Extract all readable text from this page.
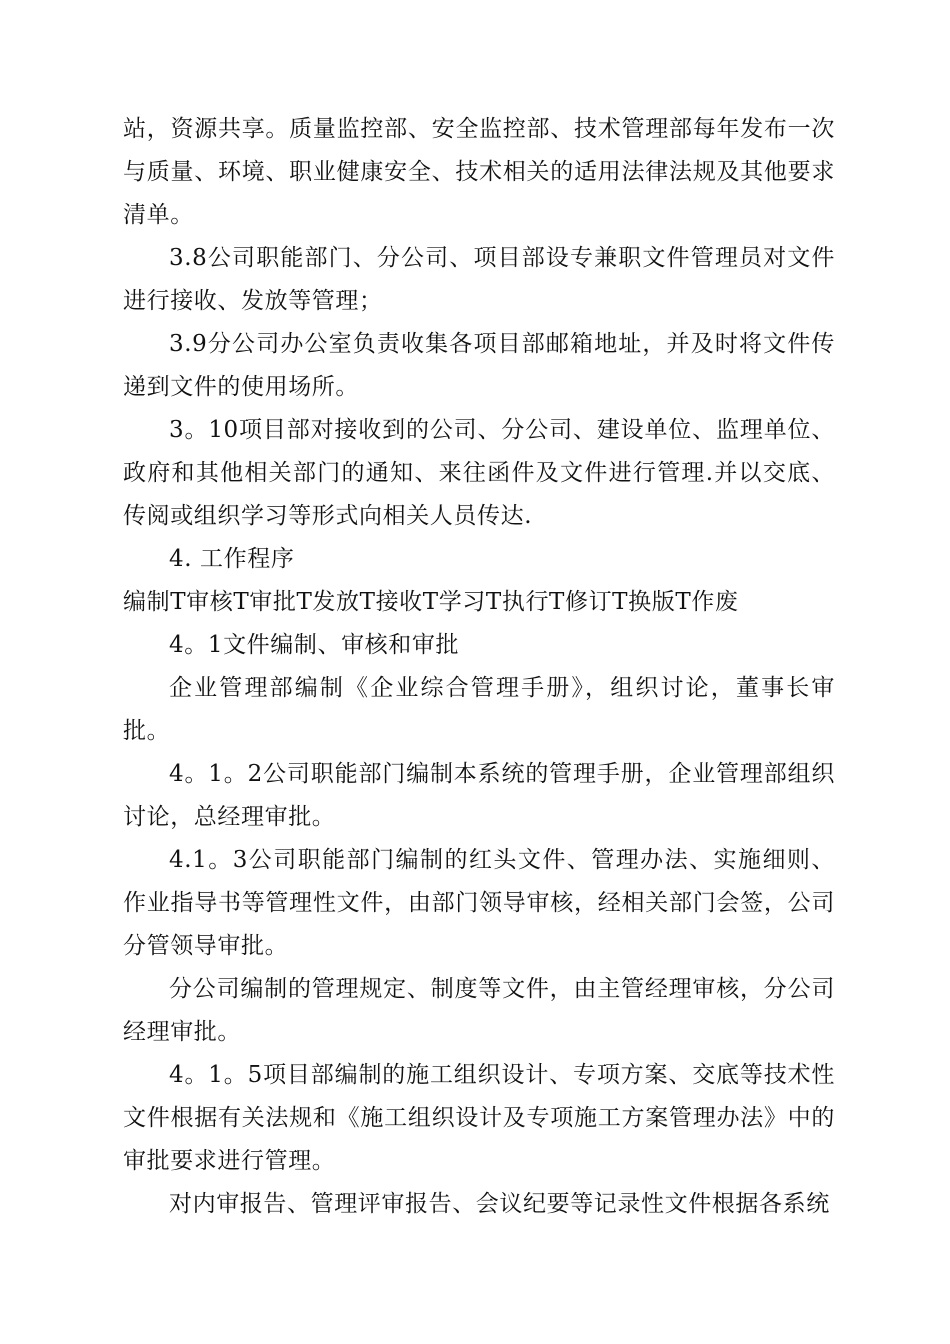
站，资源共享。质量监控部、安全监控部、技术管理部每年发布一次与质量、环境、职业健康安全、技术相关的适用法律法规及其他要求清单。

3.8公司职能部门、分公司、项目部设专兼职文件管理员对文件进行接收、发放等管理；

3.9分公司办公室负责收集各项目部邮箱地址，并及时将文件传递到文件的使用场所。

3。10项目部对接收到的公司、分公司、建设单位、监理单位、政府和其他相关部门的通知、来往函件及文件进行管理.并以交底、传阅或组织学习等形式向相关人员传达.

4. 工作程序

编制T审核T审批T发放T接收T学习T执行T修订T换版T作废

4。1文件编制、审核和审批

企业管理部编制《企业综合管理手册》，组织讨论，董事长审批。

4。1。2公司职能部门编制本系统的管理手册，企业管理部组织讨论，总经理审批。

4.1。3公司职能部门编制的红头文件、管理办法、实施细则、作业指导书等管理性文件，由部门领导审核，经相关部门会签，公司分管领导审批。

分公司编制的管理规定、制度等文件，由主管经理审核，分公司经理审批。

4。1。5项目部编制的施工组织设计、专项方案、交底等技术性文件根据有关法规和《施工组织设计及专项施工方案管理办法》中的审批要求进行管理。

对内审报告、管理评审报告、会议纪要等记录性文件根据各系统
